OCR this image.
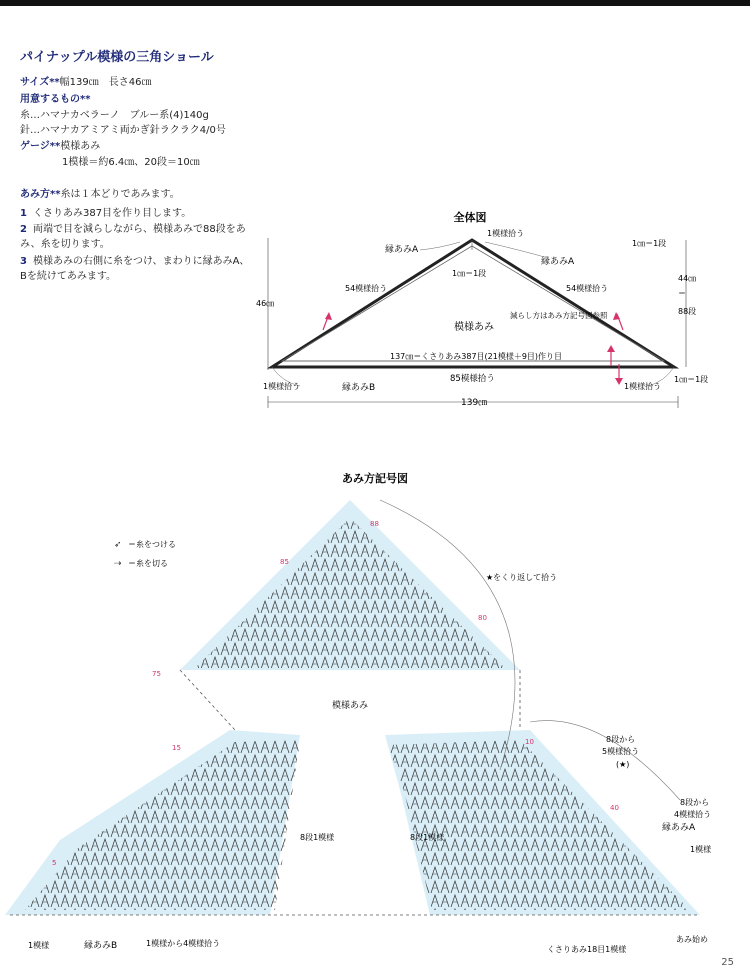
パイナップル模様の三角ショール
サイズ**幅139㎝　長さ46㎝
用意するもの**
糸…ハマナカベラーノ　ブルー系(4)140g
針…ハマナカアミアミ両かぎ針ラクラク4/0号
ゲージ**模様あみ
1模様＝約6.4㎝、20段＝10㎝
あみ方**糸は１本どりであみます。
1 くさりあみ387目を作り目します。
2 両端で目を減らしながら、模様あみで88段をあみ、糸を切ります。
3 模様あみの右側に糸をつけ、まわりに縁あみA、Bを続けてあみます。
全体図
1模様拾う
縁あみA
縁あみA
1㎝＝1段
54模様拾う	54模様拾う
減らし方はあみ方記号図参照
模様あみ
137㎝＝くさりあみ387目(21模様＋9目)作り目
85模様拾う
縁あみB
1模様拾う	1模様拾う
139㎝
46㎝
1㎝＝1段
44㎝
＝
88段
1㎝＝1段
あみ方記号図
➶ ＝糸をつける
⇢ ＝糸を切る
★をくり返して拾う
模様あみ
75
88
85
80
15
10
5
40
8段から
5模様拾う
(★)
8段から
4模様拾う
縁あみA
1模様
8段1模様
8段1模様
1模様	縁あみB	1模様から4模様拾う
くさりあみ18目1模様
あみ始め
25
